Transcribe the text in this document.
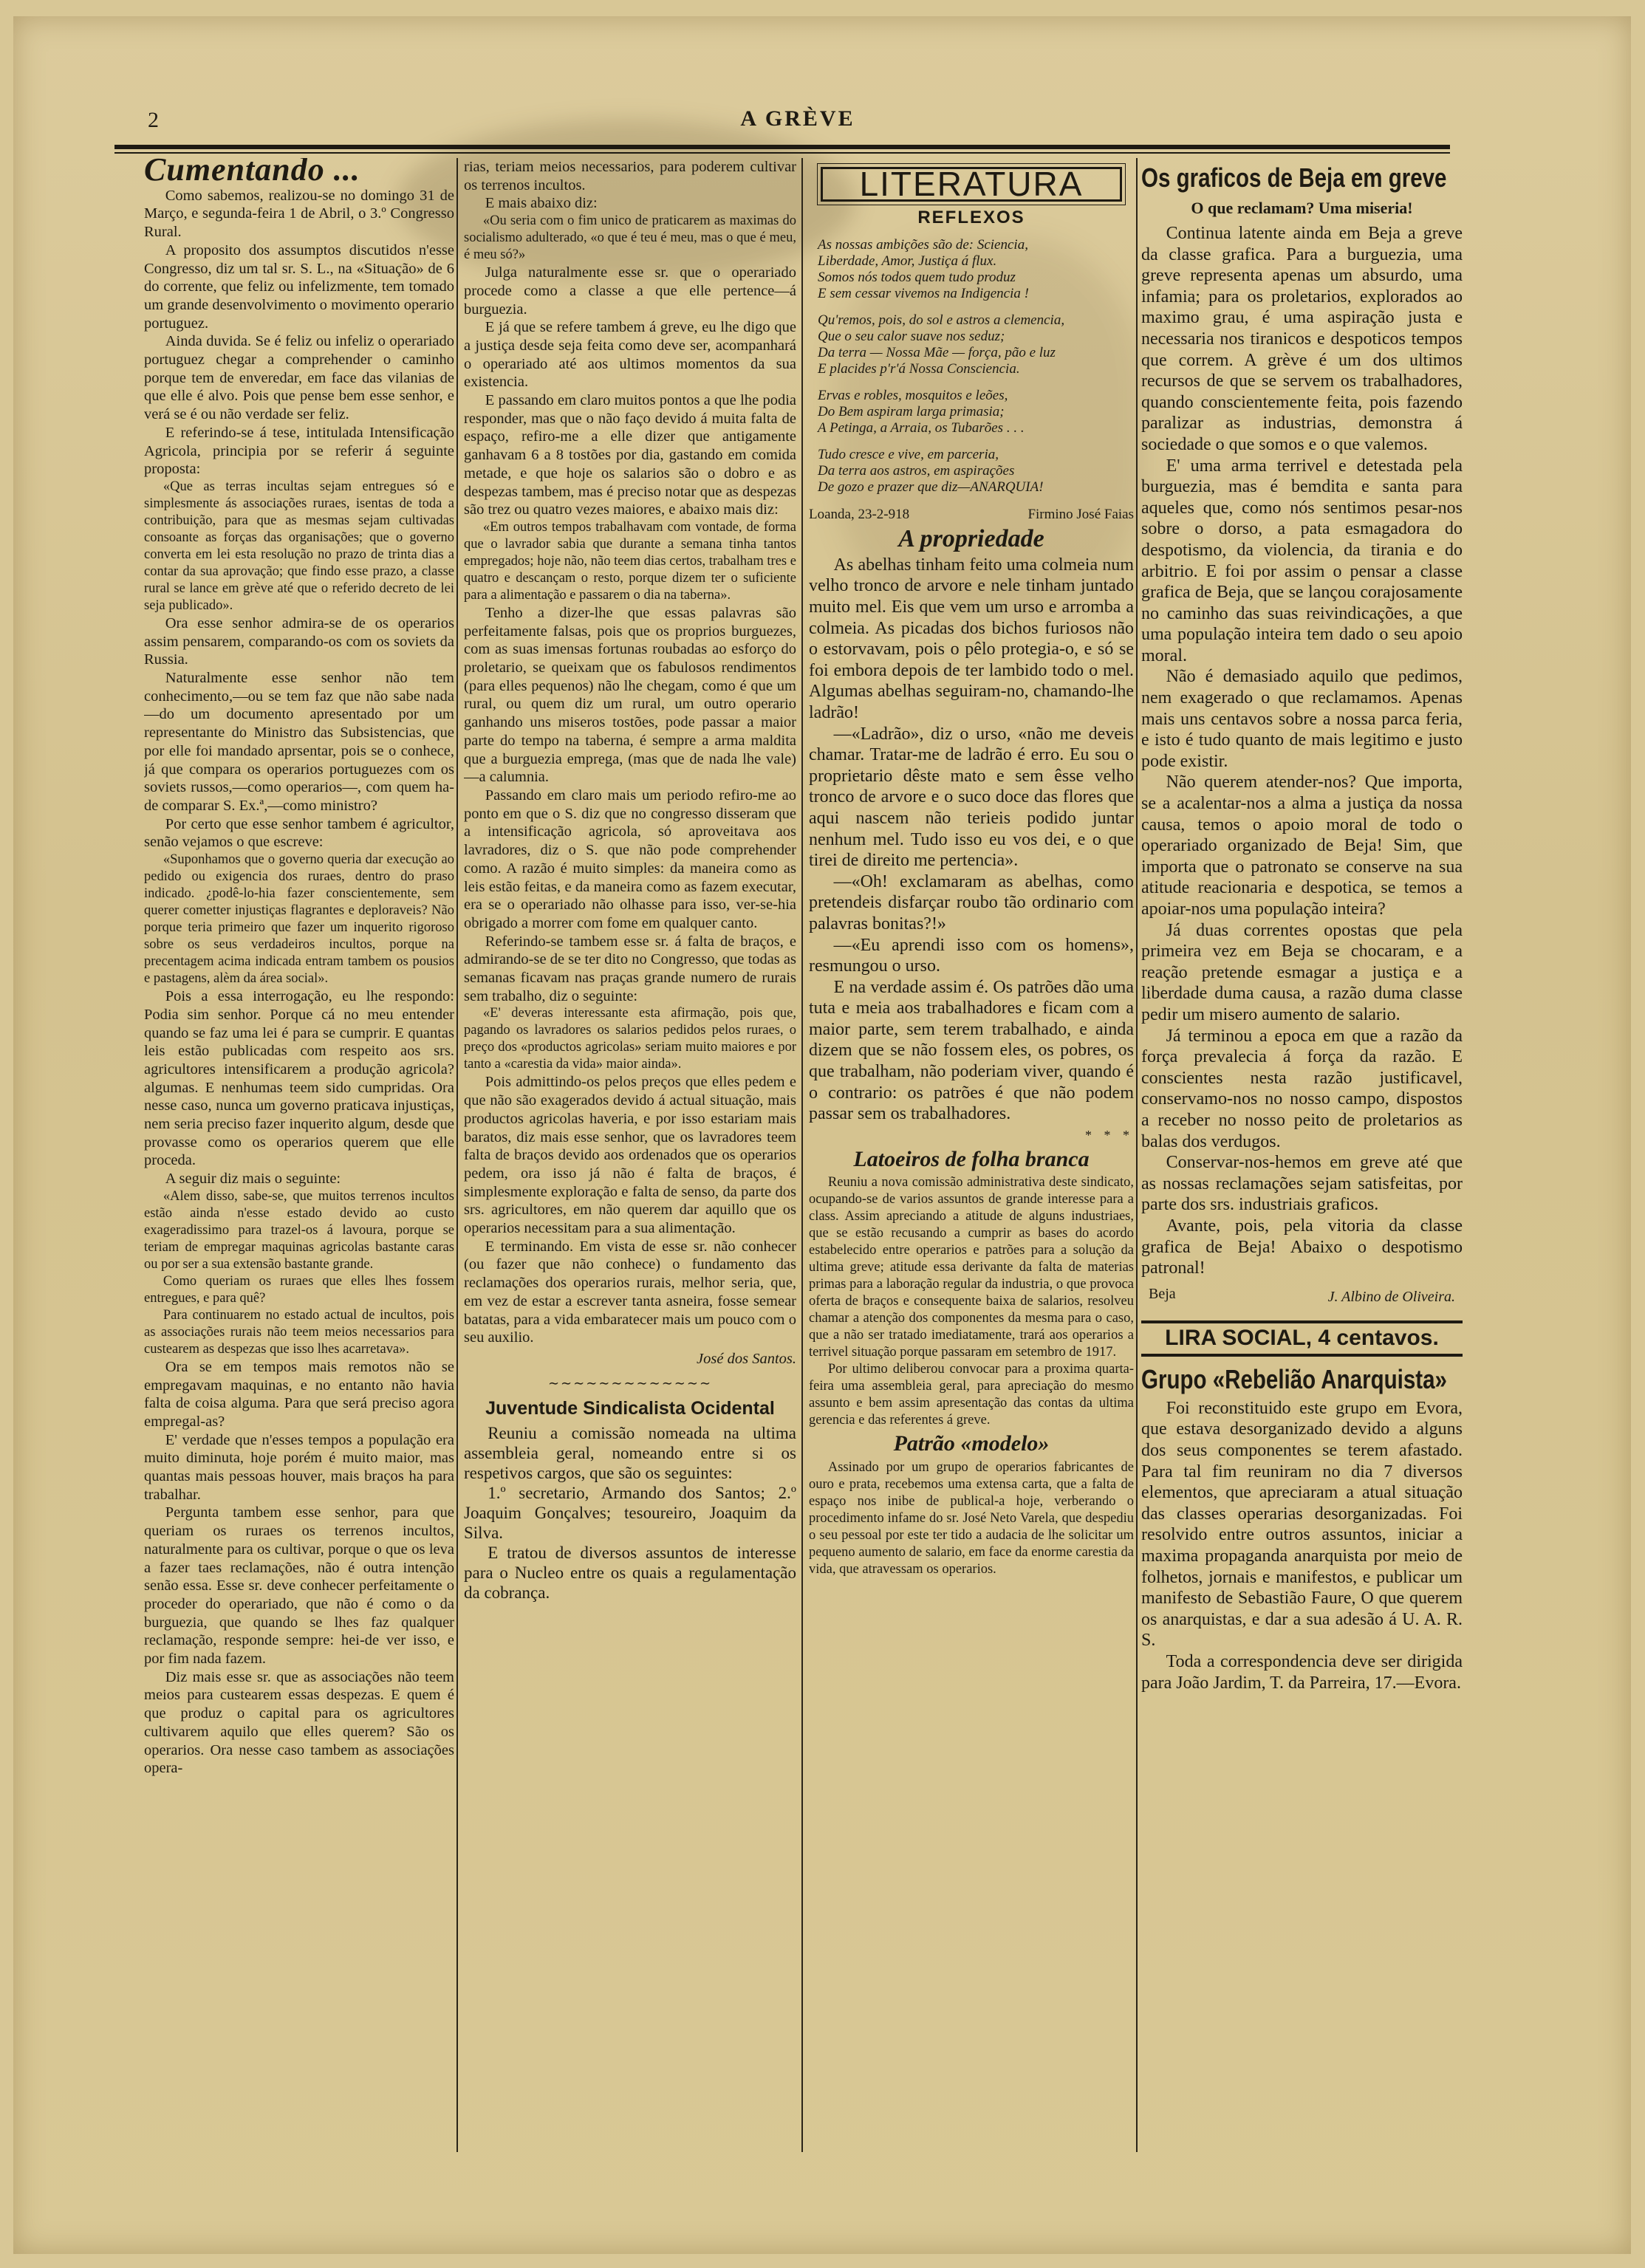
2	A GRÈVE
Cumentando ...

Como sabemos, realizou-se no domingo 31 de Março, e segunda-feira 1 de Abril, o 3.º Congresso Rural.

A proposito dos assumptos discutidos n'esse Congresso, diz um tal sr. S. L., na «Situação» de 6 do corrente, que feliz ou infelizmente, tem tomado um grande desenvolvimento o movimento operario portuguez.

Ainda duvida. Se é feliz ou infeliz o operariado portuguez chegar a comprehender o caminho porque tem de enveredar, em face das vilanias de que elle é alvo. Pois que pense bem esse senhor, e verá se é ou não verdade ser feliz.

E referindo-se á tese, intitulada Intensificação Agricola, principia por se referir á seguinte proposta:

«Que as terras incultas sejam entregues só e simplesmente ás associações ruraes, isentas de toda a contribuição, para que as mesmas sejam cultivadas consoante as forças das organisações; que o governo converta em lei esta resolução no prazo de trinta dias a contar da sua aprovação; que findo esse prazo, a classe rural se lance em grève até que o referido decreto de lei seja publicado».

Ora esse senhor admira-se de os operarios assim pensarem, comparando-os com os soviets da Russia.

Naturalmente esse senhor não tem conhecimento,—ou se tem faz que não sabe nada—do um documento apresentado por um representante do Ministro das Subsistencias, que por elle foi mandado aprsentar, pois se o conhece, já que compara os operarios portuguezes com os soviets russos,—como operarios—, com quem ha-de comparar S. Ex.ª,—como ministro?

Por certo que esse senhor tambem é agricultor, senão vejamos o que escreve:

«Suponhamos que o governo queria dar execução ao pedido ou exigencia dos ruraes, dentro do praso indicado. ¿podê-lo-hia fazer conscientemente, sem querer cometter injustiças flagrantes e deploraveis? Não porque teria primeiro que fazer um inquerito rigoroso sobre os seus verdadeiros incultos, porque na precentagem acima indicada entram tambem os pousios e pastagens, alèm da área social».

Pois a essa interrogação, eu lhe respondo: Podia sim senhor. Porque cá no meu entender quando se faz uma lei é para se cumprir. E quantas leis estão publicadas com respeito aos srs. agricultores intensificarem a produção agricola? algumas. E nenhumas teem sido cumpridas. Ora nesse caso, nunca um governo praticava injustiças, nem seria preciso fazer inquerito algum, desde que provasse como os operarios querem que elle proceda.

A seguir diz mais o seguinte:

«Alem disso, sabe-se, que muitos terrenos incultos estão ainda n'esse estado devido ao custo exageradissimo para trazel-os á lavoura, porque se teriam de empregar maquinas agricolas bastante caras ou por ser a sua extensão bastante grande.

Como queriam os ruraes que elles lhes fossem entregues, e para quê?

Para continuarem no estado actual de incultos, pois as associações rurais não teem meios necessarios para custearem as despezas que isso lhes acarretava».

Ora se em tempos mais remotos não se empregavam maquinas, e no entanto não havia falta de coisa alguma. Para que será preciso agora empregal-as?

E' verdade que n'esses tempos a população era muito diminuta, hoje porém é muito maior, mas quantas mais pessoas houver, mais braços ha para trabalhar.

Pergunta tambem esse senhor, para que queriam os ruraes os terrenos incultos, naturalmente para os cultivar, porque o que os leva a fazer taes reclamações, não é outra intenção senão essa. Esse sr. deve conhecer perfeitamente o proceder do operariado, que não é como o da burguezia, que quando se lhes faz qualquer reclamação, responde sempre: hei-de ver isso, e por fim nada fazem.

Diz mais esse sr. que as associações não teem meios para custearem essas despezas. E quem é que produz o capital para os agricultores cultivarem aquilo que elles querem? São os operarios. Ora nesse caso tambem as associações opera-

rias, teriam meios necessarios, para poderem cultivar os terrenos incultos.

E mais abaixo diz:

«Ou seria com o fim unico de praticarem as maximas do socialismo adulterado, «o que é teu é meu, mas o que é meu, é meu só?»

Julga naturalmente esse sr. que o operariado procede como a classe a que elle pertence—á burguezia.

E já que se refere tambem á greve, eu lhe digo que a justiça desde seja feita como deve ser, acompanhará o operariado até aos ultimos momentos da sua existencia.

E passando em claro muitos pontos a que lhe podia responder, mas que o não faço devido á muita falta de espaço, refiro-me a elle dizer que antigamente ganhavam 6 a 8 tostões por dia, gastando em comida metade, e que hoje os salarios são o dobro e as despezas tambem, mas é preciso notar que as despezas são trez ou quatro vezes maiores, e abaixo mais diz:

«Em outros tempos trabalhavam com vontade, de forma que o lavrador sabia que durante a semana tinha tantos empregados; hoje não, não teem dias certos, trabalham tres e quatro e descançam o resto, porque dizem ter o suficiente para a alimentação e passarem o dia na taberna».

Tenho a dizer-lhe que essas palavras são perfeitamente falsas, pois que os proprios burguezes, com as suas imensas fortunas roubadas ao esforço do proletario, se queixam que os fabulosos rendimentos (para elles pequenos) não lhe chegam, como é que um rural, ou quem diz um rural, um outro operario ganhando uns miseros tostões, pode passar a maior parte do tempo na taberna, é sempre a arma maldita que a burguezia emprega, (mas que de nada lhe vale)—a calumnia.

Passando em claro mais um periodo refiro-me ao ponto em que o S. diz que no congresso disseram que a intensificação agricola, só aproveitava aos lavradores, diz o S. que não pode comprehender como. A razão é muito simples: da maneira como as leis estão feitas, e da maneira como as fazem executar, era se o operariado não olhasse para isso, ver-se-hia obrigado a morrer com fome em qualquer canto.

Referindo-se tambem esse sr. á falta de braços, e admirando-se de se ter dito no Congresso, que todas as semanas ficavam nas praças grande numero de rurais sem trabalho, diz o seguinte:

«E' deveras interessante esta afirmação, pois que, pagando os lavradores os salarios pedidos pelos ruraes, o preço dos «productos agricolas» seriam muito maiores e por tanto a «carestia da vida» maior ainda».

Pois admittindo-os pelos preços que elles pedem e que não são exagerados devido á actual situação, mais productos agricolas haveria, e por isso estariam mais baratos, diz mais esse senhor, que os lavradores teem falta de braços devido aos ordenados que os operarios pedem, ora isso já não é falta de braços, é simplesmente exploração e falta de senso, da parte dos srs. agricultores, em não querem dar aquillo que os operarios necessitam para a sua alimentação.

E terminando. Em vista de esse sr. não conhecer (ou fazer que não conhece) o fundamento das reclamações dos operarios rurais, melhor seria, que, em vez de estar a escrever tanta asneira, fosse semear batatas, para a vida embaratecer mais um pouco com o seu auxilio.

José dos Santos.
∼∼∼∼∼∼∼∼∼∼∼∼∼
Juventude Sindicalista Ocidental

Reuniu a comissão nomeada na ultima assembleia geral, nomeando entre si os respetivos cargos, que são os seguintes:

1.º secretario, Armando dos Santos; 2.º Joaquim Gonçalves; tesoureiro, Joaquim da Silva.

E tratou de diversos assuntos de interesse para o Nucleo entre os quais a regulamentação da cobrança.

LITERATURA
REFLEXOS
As nossas ambições são de: Sciencia,
Liberdade, Amor, Justiça á flux.
Somos nós todos quem tudo produz
E sem cessar vivemos na Indigencia !
Qu'remos, pois, do sol e astros a clemencia,
Que o seu calor suave nos seduz;
Da terra — Nossa Mãe — força, pão e luz
E placides p'r'á Nossa Consciencia.
Ervas e robles, mosquitos e leões,
Do Bem aspiram larga primasia;
A Petinga, a Arraia, os Tubarões . . .
Tudo cresce e vive, em parceria,
Da terra aos astros, em aspirações
De gozo e prazer que diz—ANARQUIA!
Loanda, 23-2-918	Firmino José Faias
A propriedade

As abelhas tinham feito uma colmeia num velho tronco de arvore e nele tinham juntado muito mel. Eis que vem um urso e arromba a colmeia. As picadas dos bichos furiosos não o estorvavam, pois o pêlo protegia-o, e só se foi embora depois de ter lambido todo o mel. Algumas abelhas seguiram-no, chamando-lhe ladrão!

—«Ladrão», diz o urso, «não me deveis chamar. Tratar-me de ladrão é erro. Eu sou o proprietario dêste mato e sem êsse velho tronco de arvore e o suco doce das flores que aqui nascem não terieis podido juntar nenhum mel. Tudo isso eu vos dei, e o que tirei de direito me pertencia».

—«Oh! exclamaram as abelhas, como pretendeis disfarçar roubo tão ordinario com palavras bonitas?!»

—«Eu aprendi isso com os homens», resmungou o urso.

E na verdade assim é. Os patrões dão uma tuta e meia aos trabalhadores e ficam com a maior parte, sem terem trabalhado, e ainda dizem que se não fossem eles, os pobres, os que trabalham, não poderiam viver, quando é o contrario: os patrões é que não podem passar sem os trabalhadores.

* * *
Latoeiros de folha branca

Reuniu a nova comissão administrativa deste sindicato, ocupando-se de varios assuntos de grande interesse para a class. Assim apreciando a atitude de alguns industriaes, que se estão recusando a cumprir as bases do acordo estabelecido entre operarios e patrões para a solução da ultima greve; atitude essa derivante da falta de materias primas para a laboração regular da industria, o que provoca oferta de braços e consequente baixa de salarios, resolveu chamar a atenção dos componentes da mesma para o caso, que a não ser tratado imediatamente, trará aos operarios a terrivel situação porque passaram em setembro de 1917.

Por ultimo deliberou convocar para a proxima quarta-feira uma assembleia geral, para apreciação do mesmo assunto e bem assim apresentação das contas da ultima gerencia e das referentes á greve.

Patrão «modelo»

Assinado por um grupo de operarios fabricantes de ouro e prata, recebemos uma extensa carta, que a falta de espaço nos inibe de publical-a hoje, verberando o procedimento infame do sr. José Neto Varela, que despediu o seu pessoal por este ter tido a audacia de lhe solicitar um pequeno aumento de salario, em face da enorme carestia da vida, que atravessam os operarios.

Os graficos de Beja em greve
O que reclamam? Uma miseria!

Continua latente ainda em Beja a greve da classe grafica. Para a burguezia, uma greve representa apenas um absurdo, uma infamia; para os proletarios, explorados ao maximo grau, é uma aspiração justa e necessaria nos tiranicos e despoticos tempos que correm. A grève é um dos ultimos recursos de que se servem os trabalhadores, quando conscientemente feita, pois fazendo paralizar as industrias, demonstra á sociedade o que somos e o que valemos.

E' uma arma terrivel e detestada pela burguezia, mas é bemdita e santa para aqueles que, como nós sentimos pesar-nos sobre o dorso, a pata esmagadora do despotismo, da violencia, da tirania e do arbitrio. E foi por assim o pensar a classe grafica de Beja, que se lançou corajosamente no caminho das suas reivindicações, a que uma população inteira tem dado o seu apoio moral.

Não é demasiado aquilo que pedimos, nem exagerado o que reclamamos. Apenas mais uns centavos sobre a nossa parca feria, e isto é tudo quanto de mais legitimo e justo pode existir.

Não querem atender-nos? Que importa, se a acalentar-nos a alma a justiça da nossa causa, temos o apoio moral de todo o operariado organizado de Beja! Sim, que importa que o patronato se conserve na sua atitude reacionaria e despotica, se temos a apoiar-nos uma população inteira?

Já duas correntes opostas que pela primeira vez em Beja se chocaram, e a reação pretende esmagar a justiça e a liberdade duma causa, a razão duma classe pedir um misero aumento de salario.

Já terminou a epoca em que a razão da força prevalecia á força da razão. E conscientes nesta razão justificavel, conservamo-nos no nosso campo, dispostos a receber no nosso peito de proletarios as balas dos verdugos.

Conservar-nos-hemos em greve até que as nossas reclamações sejam satisfeitas, por parte dos srs. industriais graficos.

Avante, pois, pela vitoria da classe grafica de Beja! Abaixo o despotismo patronal!

Beja	J. Albino de Oliveira.
LIRA SOCIAL, 4 centavos.
Grupo «Rebelião Anarquista»

Foi reconstituido este grupo em Evora, que estava desorganizado devido a alguns dos seus componentes se terem afastado. Para tal fim reuniram no dia 7 diversos elementos, que apreciaram a atual situação das classes operarias desorganizadas. Foi resolvido entre outros assuntos, iniciar a maxima propaganda anarquista por meio de folhetos, jornais e manifestos, e publicar um manifesto de Sebastião Faure, O que querem os anarquistas, e dar a sua adesão á U. A. R. S.

Toda a correspondencia deve ser dirigida para João Jardim, T. da Parreira, 17.—Evora.
